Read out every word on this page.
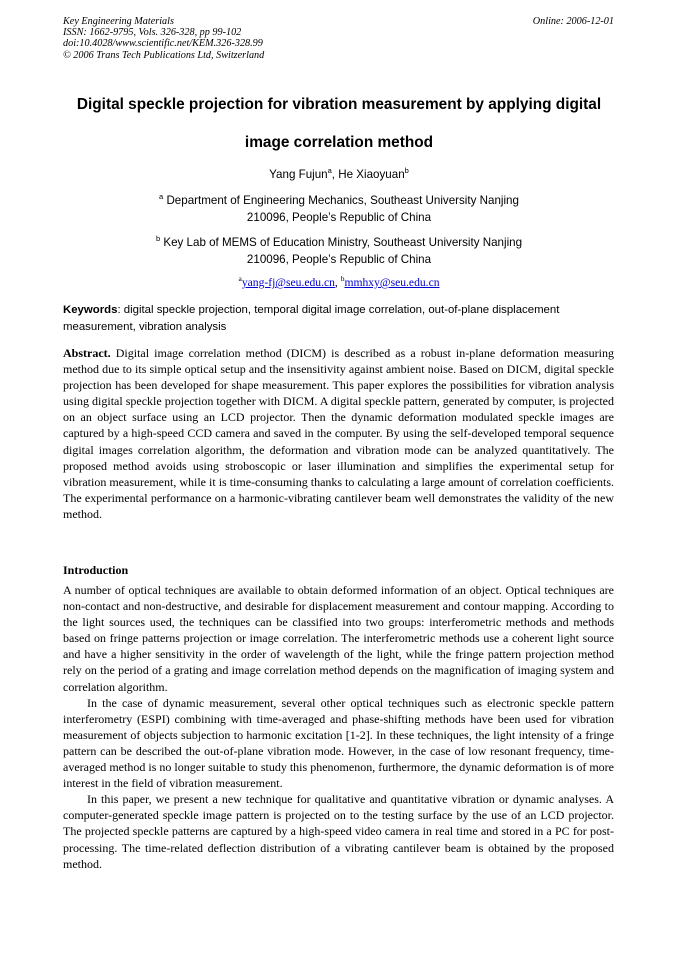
Key Engineering Materials
ISSN: 1662-9795, Vols. 326-328, pp 99-102
doi:10.4028/www.scientific.net/KEM.326-328.99
© 2006 Trans Tech Publications Ltd, Switzerland
Online: 2006-12-01
Digital speckle projection for vibration measurement by applying digital
image correlation method
Yang Fujun$^a$, He Xiaoyuan$^b$
$^a$ Department of Engineering Mechanics, Southeast University Nanjing
210096, People’s Republic of China
$^b$ Key Lab of MEMS of Education Ministry, Southeast University Nanjing
210096, People’s Republic of China
$^a$yang-fj@seu.edu.cn, $^b$mmhxy@seu.edu.cn
Keywords: digital speckle projection, temporal digital image correlation, out-of-plane displacement measurement, vibration analysis
Abstract. Digital image correlation method (DICM) is described as a robust in-plane deformation measuring method due to its simple optical setup and the insensitivity against ambient noise. Based on DICM, digital speckle projection has been developed for shape measurement. This paper explores the possibilities for vibration analysis using digital speckle projection together with DICM. A digital speckle pattern, generated by computer, is projected on an object surface using an LCD projector. Then the dynamic deformation modulated speckle images are captured by a high-speed CCD camera and saved in the computer. By using the self-developed temporal sequence digital images correlation algorithm, the deformation and vibration mode can be analyzed quantitatively. The proposed method avoids using stroboscopic or laser illumination and simplifies the experimental setup for vibration measurement, while it is time-consuming thanks to calculating a large amount of correlation coefficients. The experimental performance on a harmonic-vibrating cantilever beam well demonstrates the validity of the new method.
Introduction

A number of optical techniques are available to obtain deformed information of an object. Optical techniques are non-contact and non-destructive, and desirable for displacement measurement and contour mapping. According to the light sources used, the techniques can be classified into two groups: interferometric methods and methods based on fringe patterns projection or image correlation. The interferometric methods use a coherent light source and have a higher sensitivity in the order of wavelength of the light, while the fringe pattern projection method rely on the period of a grating and image correlation method depends on the magnification of imaging system and correlation algorithm.

In the case of dynamic measurement, several other optical techniques such as electronic speckle pattern interferometry (ESPI) combining with time-averaged and phase-shifting methods have been used for vibration measurement of objects subjection to harmonic excitation [1-2]. In these techniques, the light intensity of a fringe pattern can be described the out-of-plane vibration mode. However, in the case of low resonant frequency, time-averaged method is no longer suitable to study this phenomenon, furthermore, the dynamic deformation is of more interest in the field of vibration measurement.

In this paper, we present a new technique for qualitative and quantitative vibration or dynamic analyses. A computer-generated speckle image pattern is projected on to the testing surface by the use of an LCD projector. The projected speckle patterns are captured by a high-speed video camera in real time and stored in a PC for post-processing. The time-related deflection distribution of a vibrating cantilever beam is obtained by the proposed method.
